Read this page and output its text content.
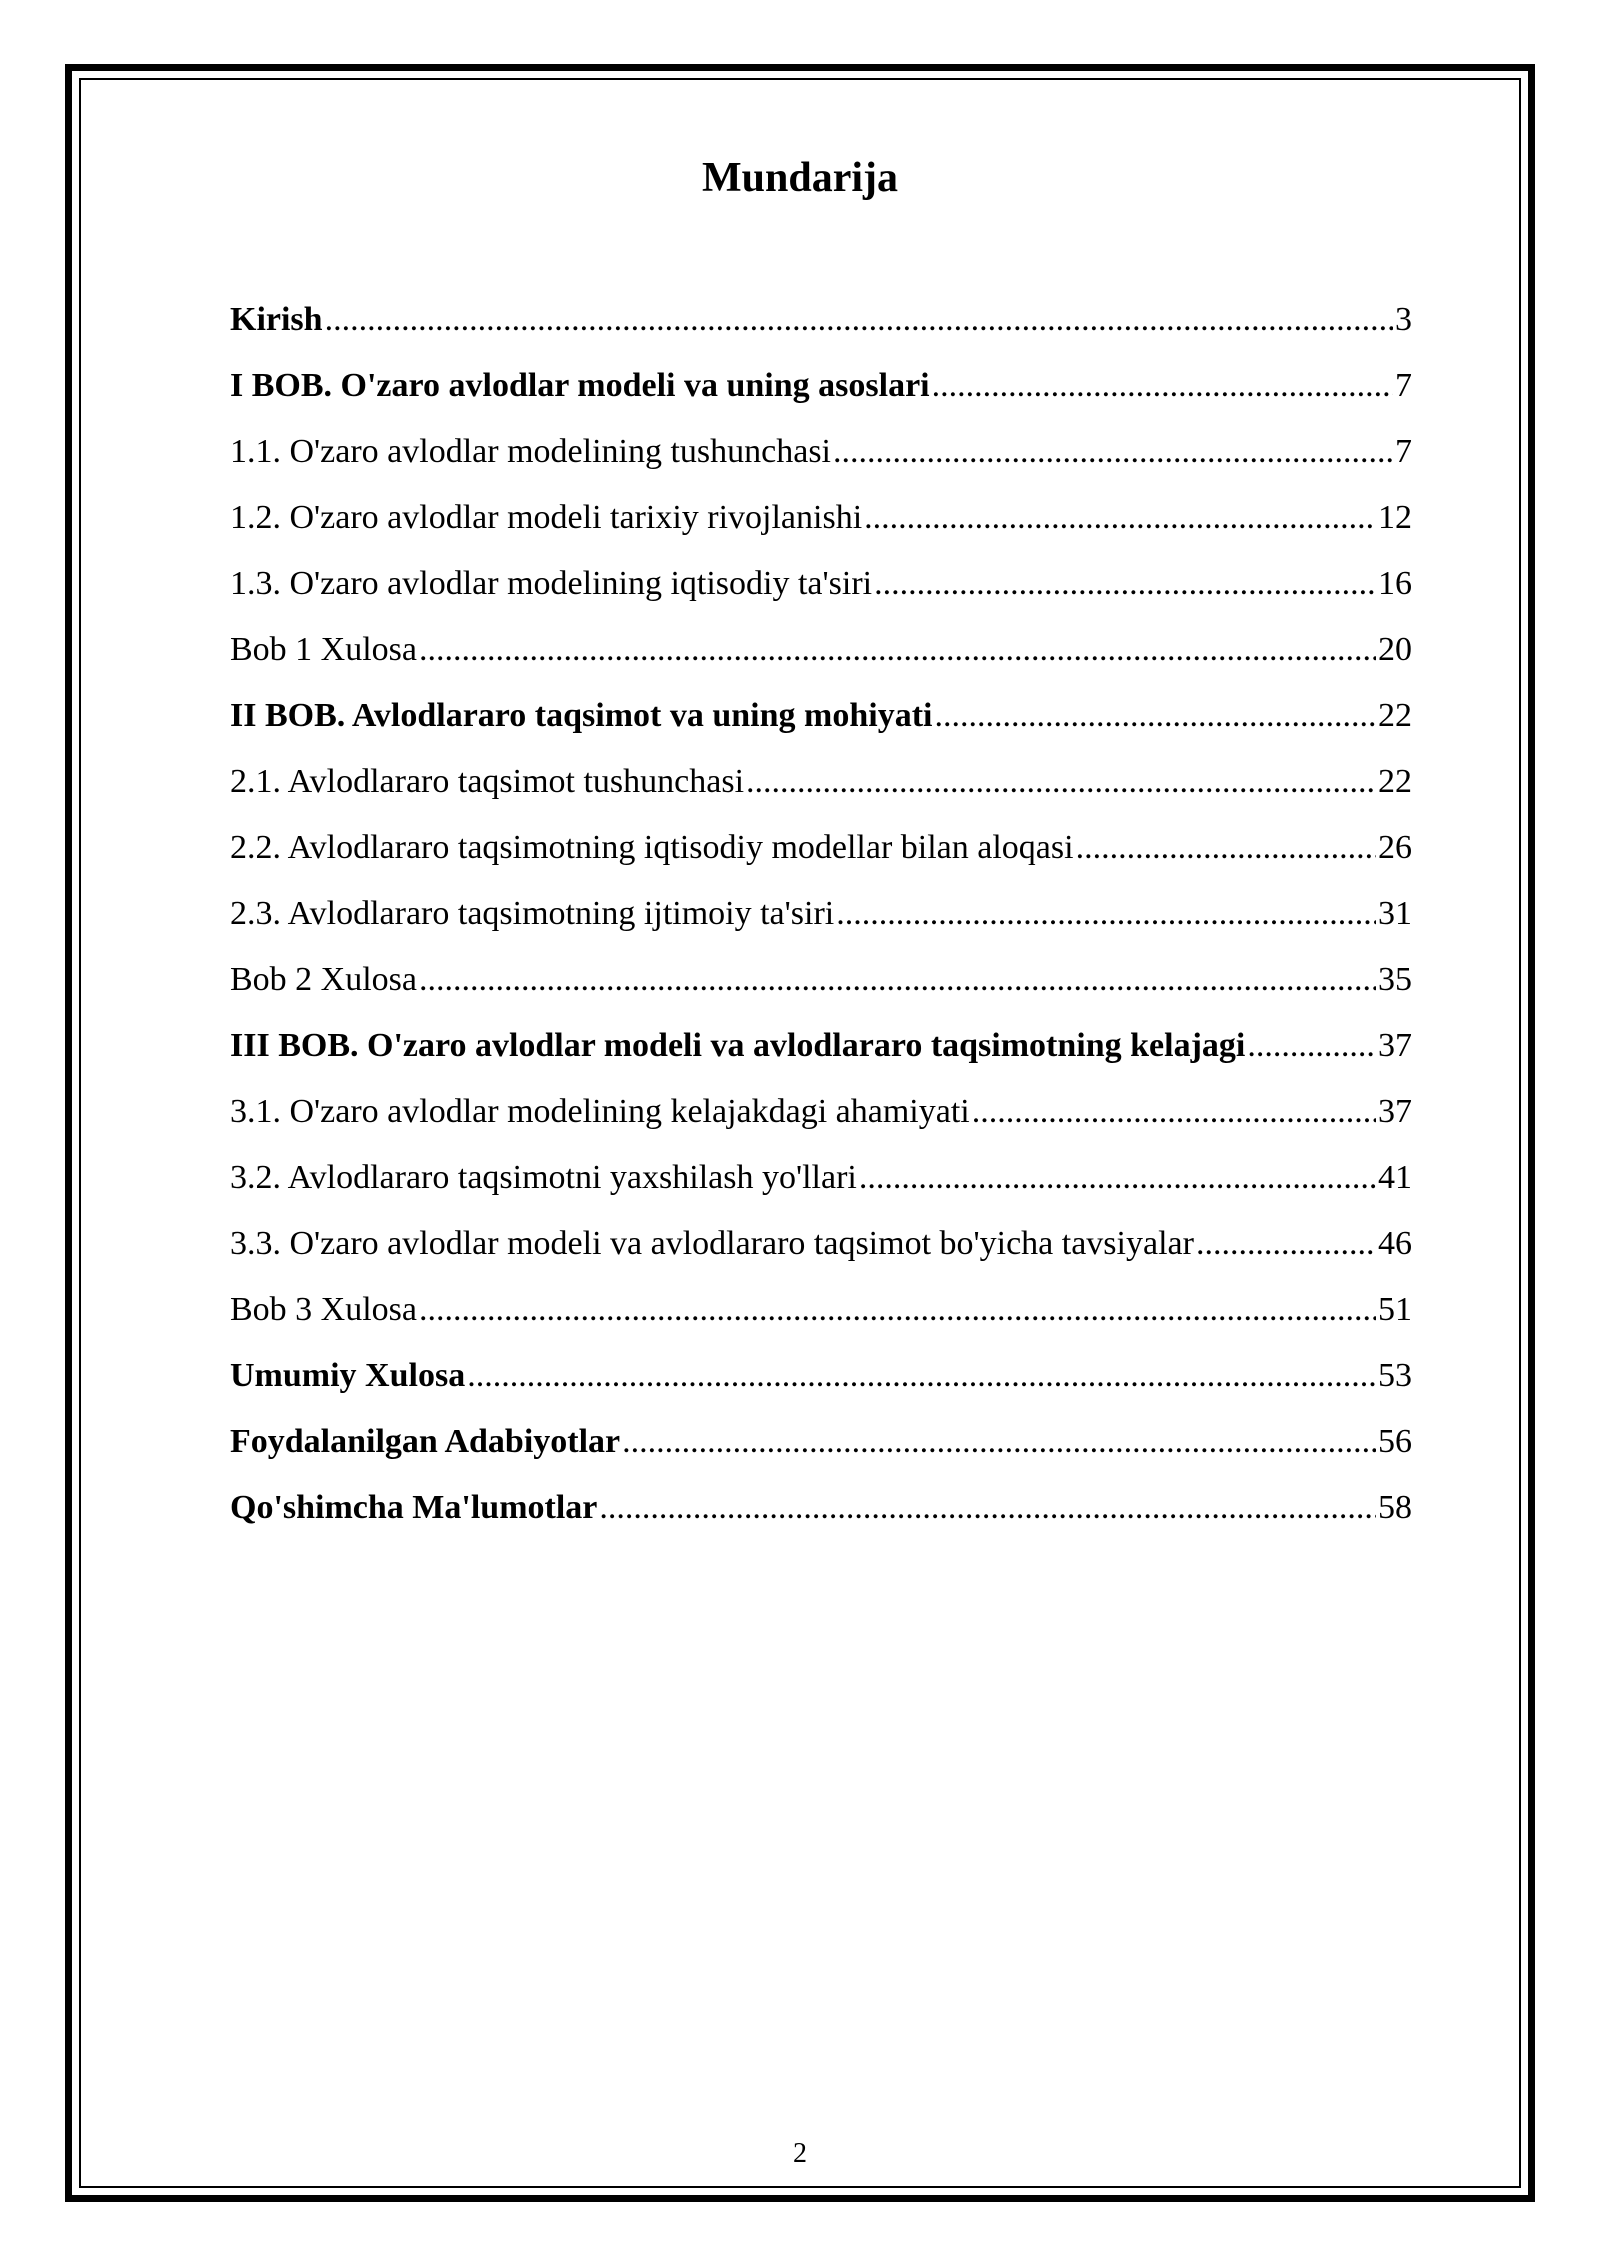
Mundarija
Kirish .....	3
I BOB. O'zaro avlodlar modeli va uning asoslari .....	7
1.1. O'zaro avlodlar modelining tushunchasi .....	7
1.2. O'zaro avlodlar modeli tarixiy rivojlanishi .....	12
1.3. O'zaro avlodlar modelining iqtisodiy ta'siri .....	16
Bob 1 Xulosa .....	20
II BOB. Avlodlararo taqsimot va uning mohiyati .....	22
2.1. Avlodlararo taqsimot tushunchasi .....	22
2.2. Avlodlararo taqsimotning iqtisodiy modellar bilan aloqasi .....	26
2.3. Avlodlararo taqsimotning ijtimoiy ta'siri .....	31
Bob 2 Xulosa .....	35
III BOB. O'zaro avlodlar modeli va avlodlararo taqsimotning kelajagi .....	37
3.1. O'zaro avlodlar modelining kelajakdagi ahamiyati .....	37
3.2. Avlodlararo taqsimotni yaxshilash yo'llari .....	41
3.3. O'zaro avlodlar modeli va avlodlararo taqsimot bo'yicha tavsiyalar .....	46
Bob 3 Xulosa .....	51
Umumiy Xulosa .....	53
Foydalanilgan Adabiyotlar .....	56
Qo'shimcha Ma'lumotlar .....	58
2
